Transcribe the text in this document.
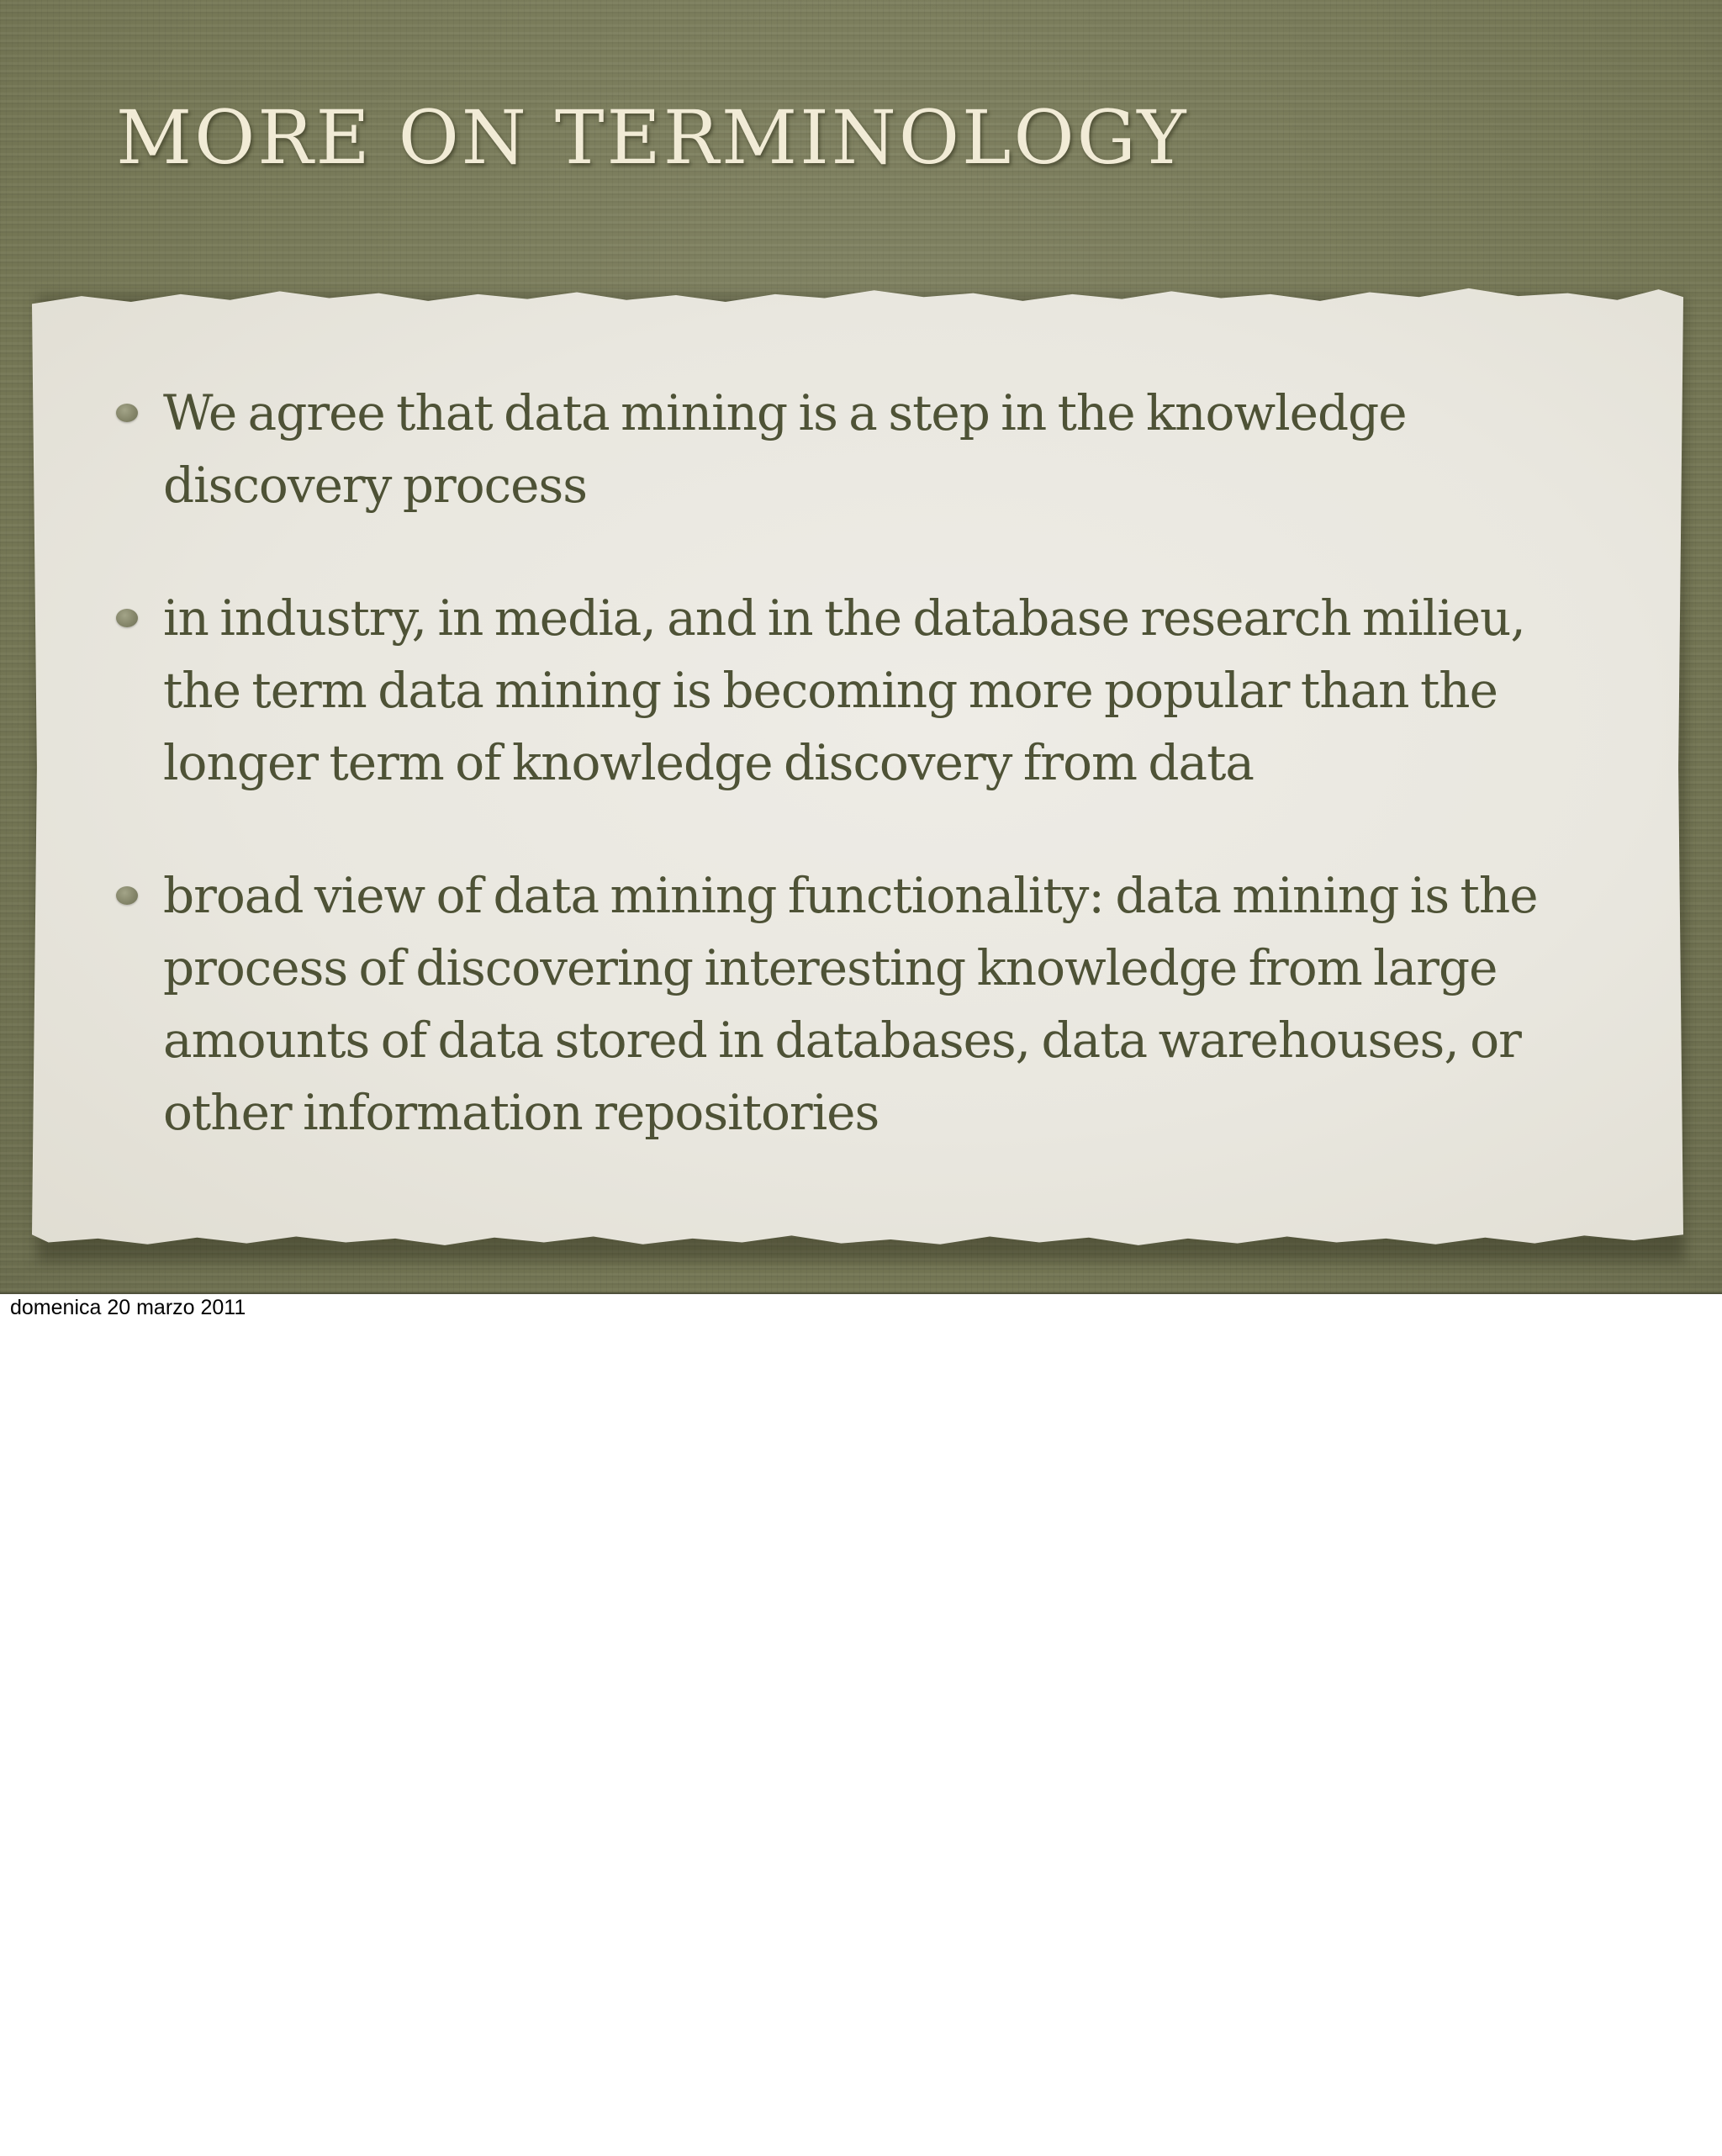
MORE ON TERMINOLOGY
We agree that data mining is a step in the knowledge discovery process
in industry, in media, and in the database research milieu, the term data mining is becoming more popular than the longer term of knowledge discovery from data
broad view of data mining functionality: data mining is the process of discovering interesting knowledge from large amounts of data stored in databases, data warehouses, or other information repositories

domenica 20 marzo 2011
